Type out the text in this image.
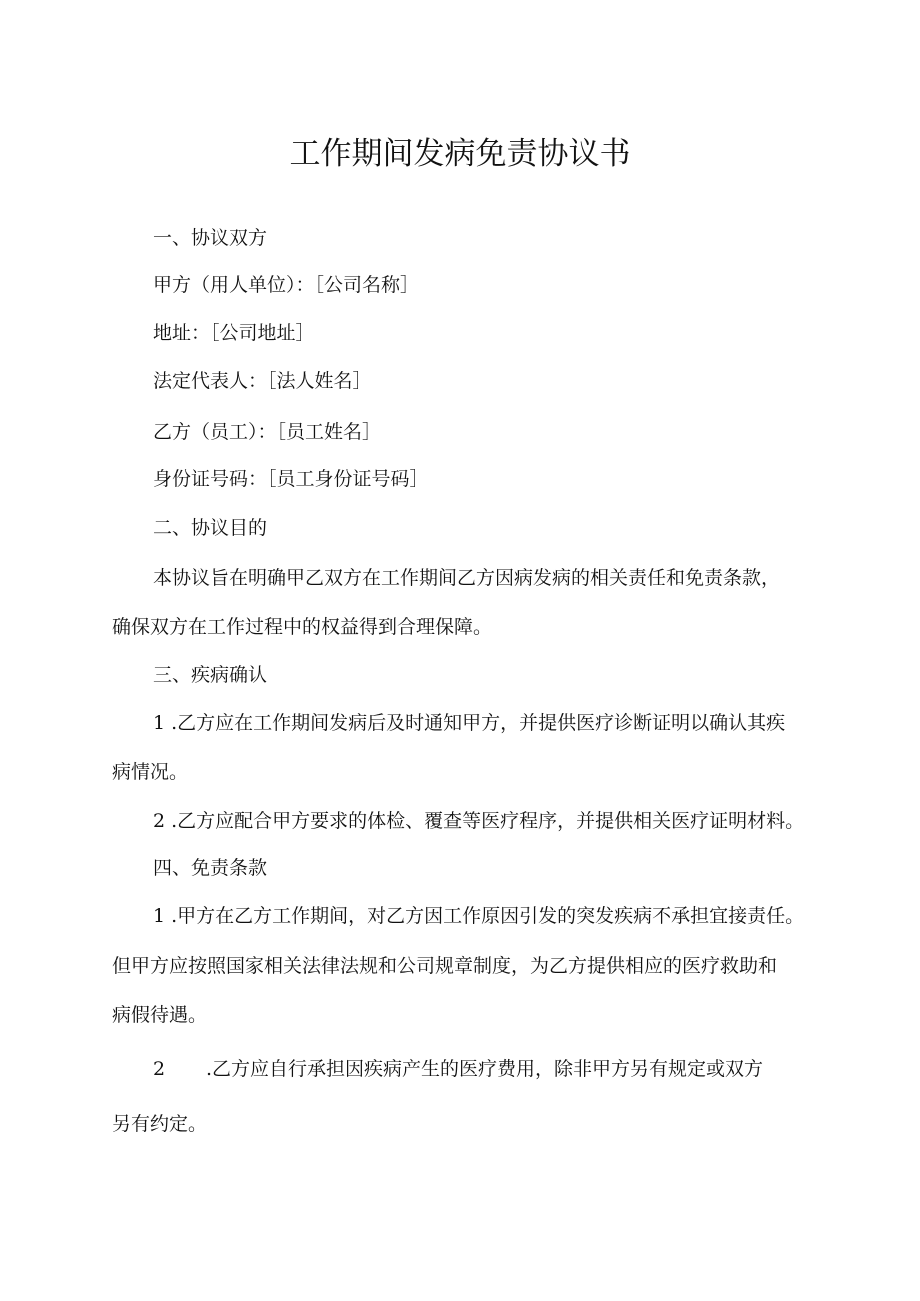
工作期间发病免责协议书
一、协议双方
甲方（用人单位）：［公司名称］
地址：［公司地址］
法定代表人：［法人姓名］
乙方（员工）：［员工姓名］
身份证号码：［员工身份证号码］
二、协议目的
本协议旨在明确甲乙双方在工作期间乙方因病发病的相关责任和免责条款，
确保双方在工作过程中的权益得到合理保障。
三、疾病确认
1 .乙方应在工作期间发病后及时通知甲方，并提供医疗诊断证明以确认其疾
病情况。
2 .乙方应配合甲方要求的体检、覆查等医疗程序，并提供相关医疗证明材料。
四、免责条款
1 .甲方在乙方工作期间，对乙方因工作原因引发的突发疾病不承担宜接责任。
但甲方应按照国家相关法律法规和公司规章制度，为乙方提供相应的医疗救助和
病假待遇。
2 .乙方应自行承担因疾病产生的医疗费用，除非甲方另有规定或双方
另有约定。
